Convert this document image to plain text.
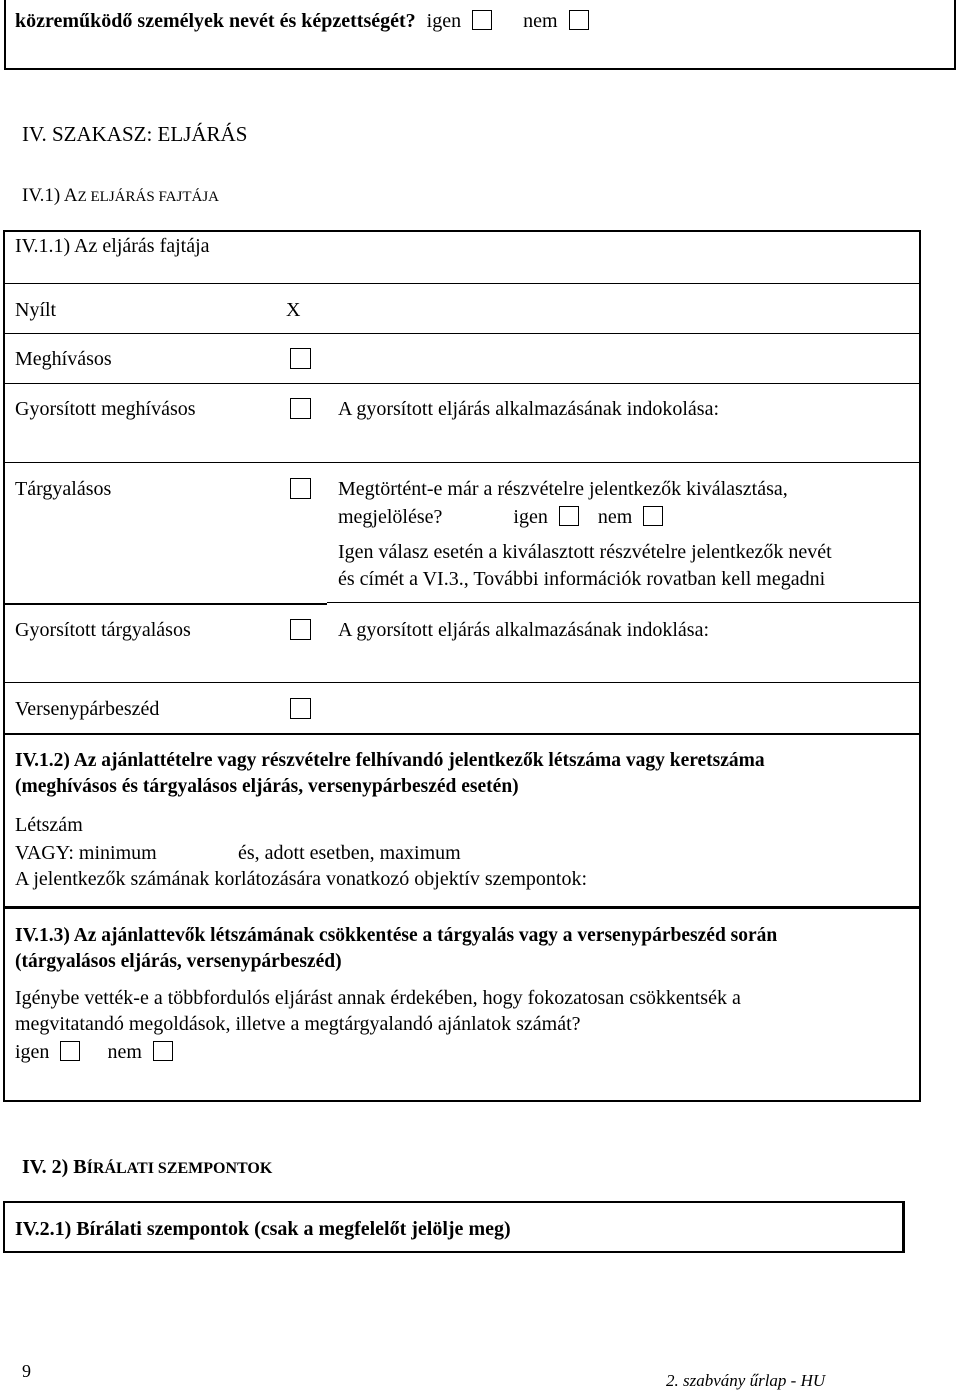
közreműködő személyek nevét és képzettségét? igen	nem
IV. SZAKASZ: ELJÁRÁS
IV.1) AZ ELJÁRÁS FAJTÁJA
IV.1.1) Az eljárás fajtája
Nyílt	X
Meghívásos
Gyorsított meghívásos	A gyorsított eljárás alkalmazásának indokolása:
Tárgyalásos	Megtörtént-e már a részvételre jelentkezők kiválasztása,
megjelölése?	igen	nem
Igen válasz esetén a kiválasztott részvételre jelentkezők nevét
és címét a VI.3., További információk rovatban kell megadni
Gyorsított tárgyalásos	A gyorsított eljárás alkalmazásának indoklása:
Versenypárbeszéd
IV.1.2) Az ajánlattételre vagy részvételre felhívandó jelentkezők létszáma vagy keretszáma
(meghívásos és tárgyalásos eljárás, versenypárbeszéd esetén)
Létszám
VAGY: minimum	és, adott esetben, maximum
A jelentkezők számának korlátozására vonatkozó objektív szempontok:
IV.1.3) Az ajánlattevők létszámának csökkentése a tárgyalás vagy a versenypárbeszéd során
(tárgyalásos eljárás, versenypárbeszéd)
Igénybe vették-e a többfordulós eljárást annak érdekében, hogy fokozatosan csökkentsék a
megvitatandó megoldások, illetve a megtárgyalandó ajánlatok számát?
igen	nem
IV. 2) BÍRÁLATI SZEMPONTOK
IV.2.1) Bírálati szempontok (csak a megfelelőt jelölje meg)
9	2. szabvány űrlap - HU
